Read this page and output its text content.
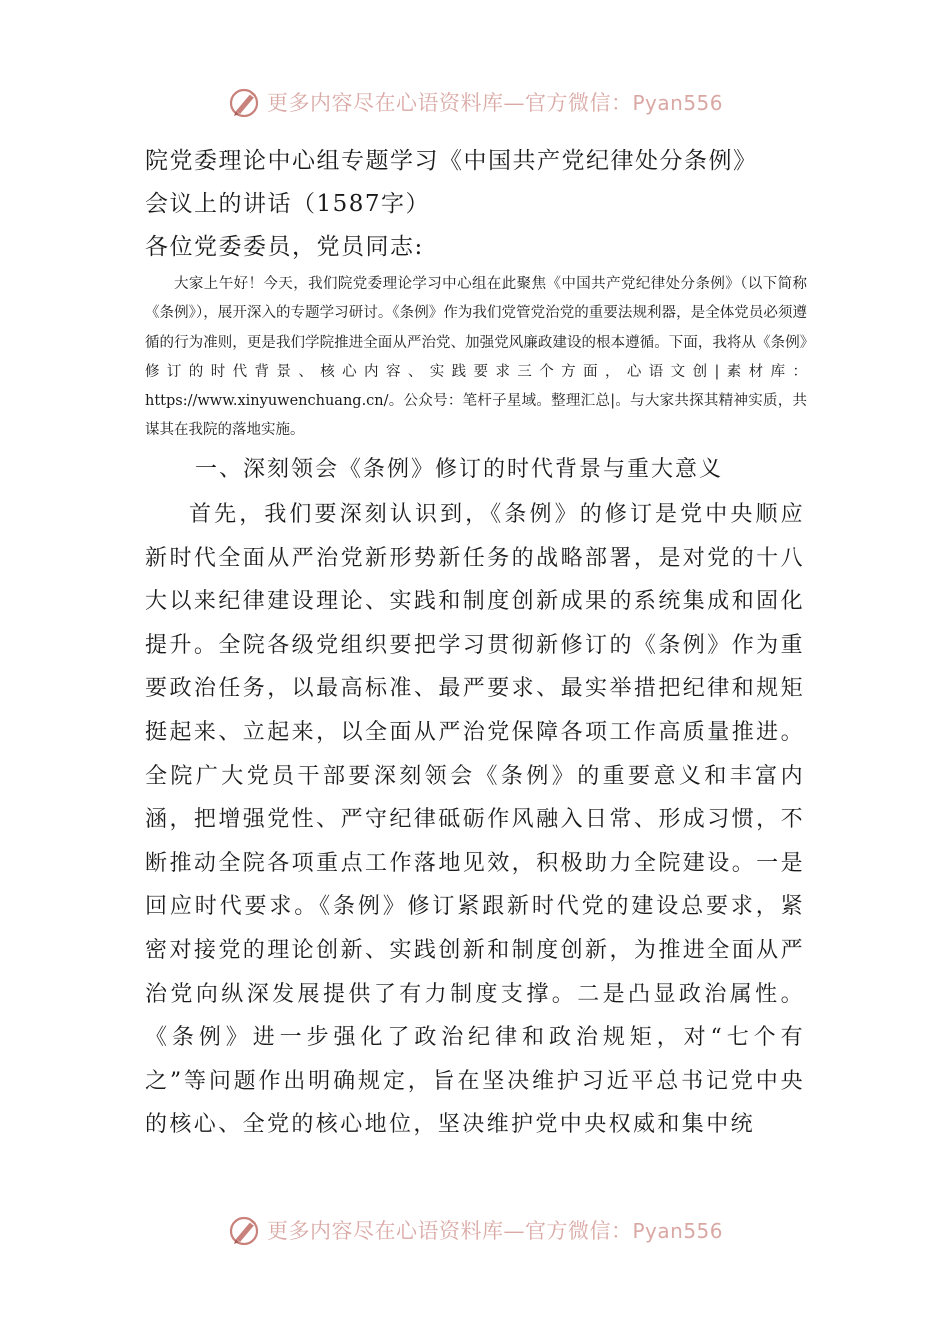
更多内容尽在心语资料库—官方微信：Pyan556
院党委理论中心组专题学习《中国共产党纪律处分条例》
会议上的讲话（1587字）
各位党委委员，党员同志:

大家上午好！今天，我们院党委理论学习中心组在此聚焦《中国共产党纪律处分条例》（以下简称《条例》），展开深入的专题学习研讨。《条例》作为我们党管党治党的重要法规利器，是全体党员必须遵循的行为准则，更是我们学院推进全面从严治党、加强党风廉政建设的根本遵循。下面，我将从《条例》修订的时代背景、核心内容、实践要求三个方面，心语文创|素材库：https://www.xinyuwenchuang.cn/。公众号：笔杆子星域。整理汇总|。与大家共探其精神实质，共谋其在我院的落地实施。

一、深刻领会《条例》修订的时代背景与重大意义

首先，我们要深刻认识到，《条例》的修订是党中央顺应新时代全面从严治党新形势新任务的战略部署，是对党的十八大以来纪律建设理论、实践和制度创新成果的系统集成和固化提升。全院各级党组织要把学习贯彻新修订的《条例》作为重要政治任务，以最高标准、最严要求、最实举措把纪律和规矩挺起来、立起来，以全面从严治党保障各项工作高质量推进。全院广大党员干部要深刻领会《条例》的重要意义和丰富内涵，把增强党性、严守纪律砥砺作风融入日常、形成习惯，不断推动全院各项重点工作落地见效，积极助力全院建设。一是回应时代要求。《条例》修订紧跟新时代党的建设总要求，紧密对接党的理论创新、实践创新和制度创新，为推进全面从严治党向纵深发展提供了有力制度支撑。二是凸显政治属性。《条例》进一步强化了政治纪律和政治规矩，对“七个有之”等问题作出明确规定，旨在坚决维护习近平总书记党中央的核心、全党的核心地位，坚决维护党中央权威和集中统

更多内容尽在心语资料库—官方微信：Pyan556
